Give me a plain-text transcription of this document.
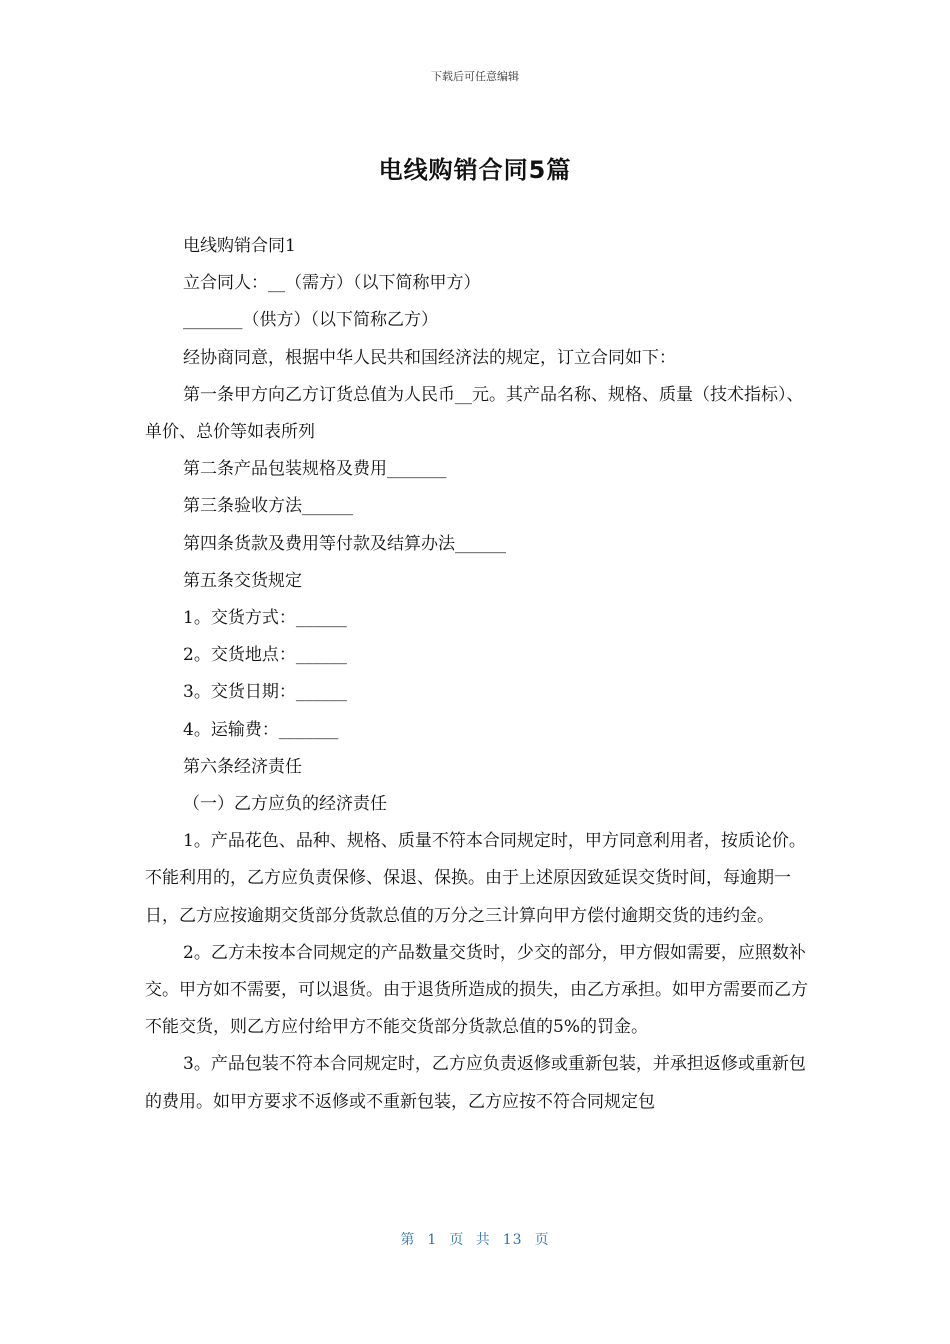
下载后可任意编辑
电线购销合同5篇

电线购销合同1

立合同人：__（需方）（以下简称甲方）

_______（供方）（以下简称乙方）

经协商同意，根据中华人民共和国经济法的规定，订立合同如下：

第一条甲方向乙方订货总值为人民币__元。其产品名称、规格、质量（技术指标）、单价、总价等如表所列

第二条产品包装规格及费用_______

第三条验收方法______

第四条货款及费用等付款及结算办法______

第五条交货规定

1。交货方式：______

2。交货地点：______

3。交货日期：______

4。运输费：_______

第六条经济责任

（一）乙方应负的经济责任

1。产品花色、品种、规格、质量不符本合同规定时，甲方同意利用者，按质论价。不能利用的，乙方应负责保修、保退、保换。由于上述原因致延误交货时间，每逾期一日，乙方应按逾期交货部分货款总值的万分之三计算向甲方偿付逾期交货的违约金。

2。乙方未按本合同规定的产品数量交货时，少交的部分，甲方假如需要，应照数补交。甲方如不需要，可以退货。由于退货所造成的损失，由乙方承担。如甲方需要而乙方不能交货，则乙方应付给甲方不能交货部分货款总值的5%的罚金。

3。产品包装不符本合同规定时，乙方应负责返修或重新包装，并承担返修或重新包的费用。如甲方要求不返修或不重新包装，乙方应按不符合同规定包

第 1 页 共 13 页
